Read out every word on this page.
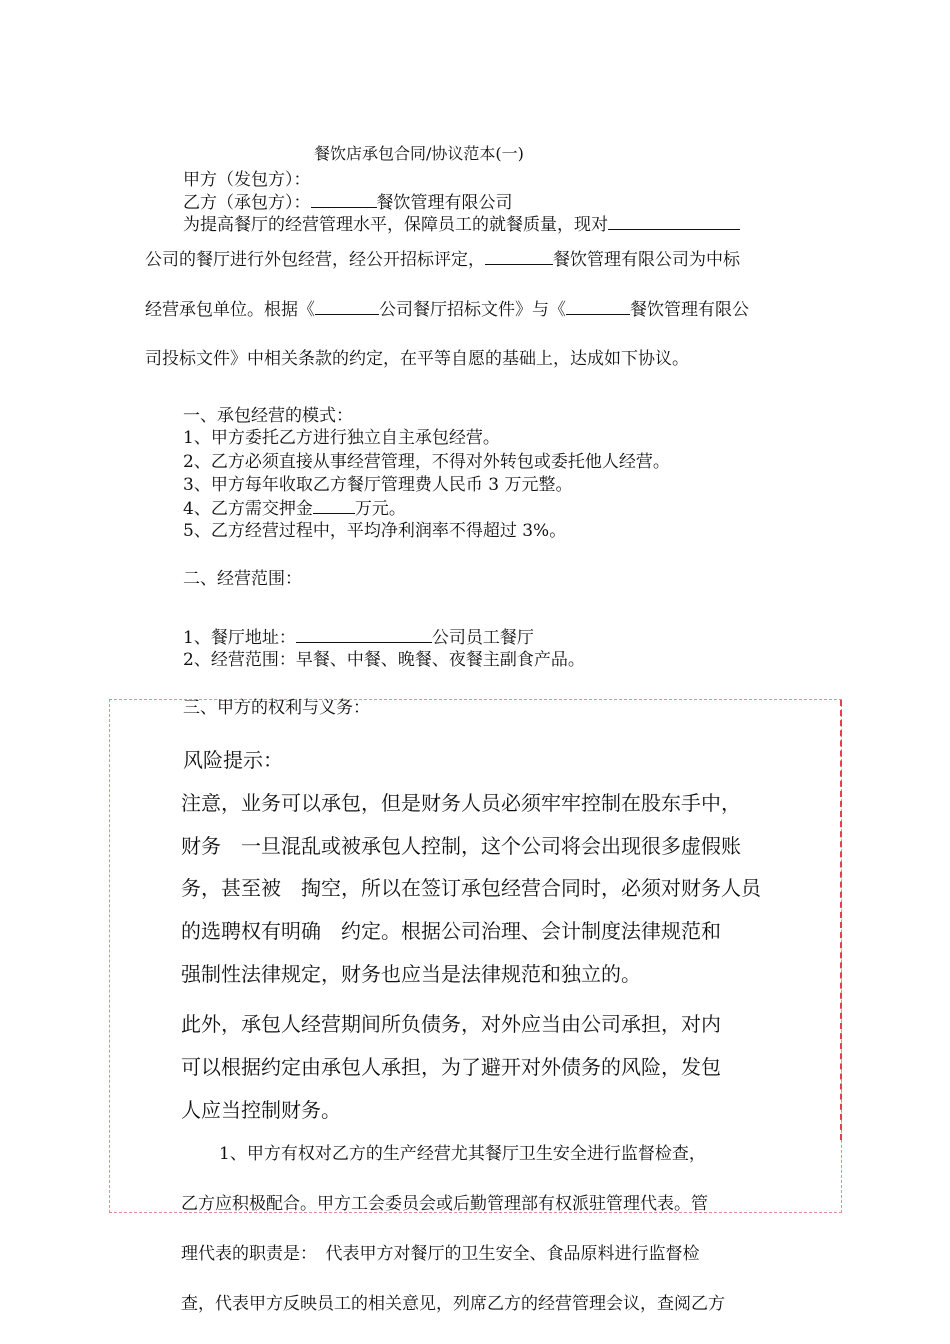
餐饮店承包合同/协议范本(一)
甲方（发包方）：
乙方（承包方）：	餐饮管理有限公司
为提高餐厅的经营管理水平，保障员工的就餐质量，现对
公司的餐厅进行外包经营，经公开招标评定，	餐饮管理有限公司为中标
经营承包单位。根据《	公司餐厅招标文件》与《	餐饮管理有限公
司投标文件》中相关条款的约定，在平等自愿的基础上，达成如下协议。
一、承包经营的模式：
1、甲方委托乙方进行独立自主承包经营。
2、乙方必须直接从事经营管理，不得对外转包或委托他人经营。
3、甲方每年收取乙方餐厅管理费人民币 3 万元整。
4、乙方需交押金 万元。
5、乙方经营过程中，平均净利润率不得超过 3%。
二、经营范围：
1、餐厅地址：	公司员工餐厅
2、经营范围：早餐、中餐、晚餐、夜餐主副食产品。
三、甲方的权利与义务：
风险提示：
注意，业务可以承包，但是财务人员必须牢牢控制在股东手中，
财务　一旦混乱或被承包人控制，这个公司将会出现很多虚假账
务，甚至被　掏空，所以在签订承包经营合同时，必须对财务人员
的选聘权有明确　约定。根据公司治理、会计制度法律规范和
强制性法律规定，财务也应当是法律规范和独立的。
此外，承包人经营期间所负债务，对外应当由公司承担，对内
可以根据约定由承包人承担，为了避开对外债务的风险，发包
人应当控制财务。
1、甲方有权对乙方的生产经营尤其餐厅卫生安全进行监督检查，
乙方应积极配合。甲方工会委员会或后勤管理部有权派驻管理代表。管
理代表的职责是：　代表甲方对餐厅的卫生安全、食品原料进行监督检
查，代表甲方反映员工的相关意见，列席乙方的经营管理会议，查阅乙方
